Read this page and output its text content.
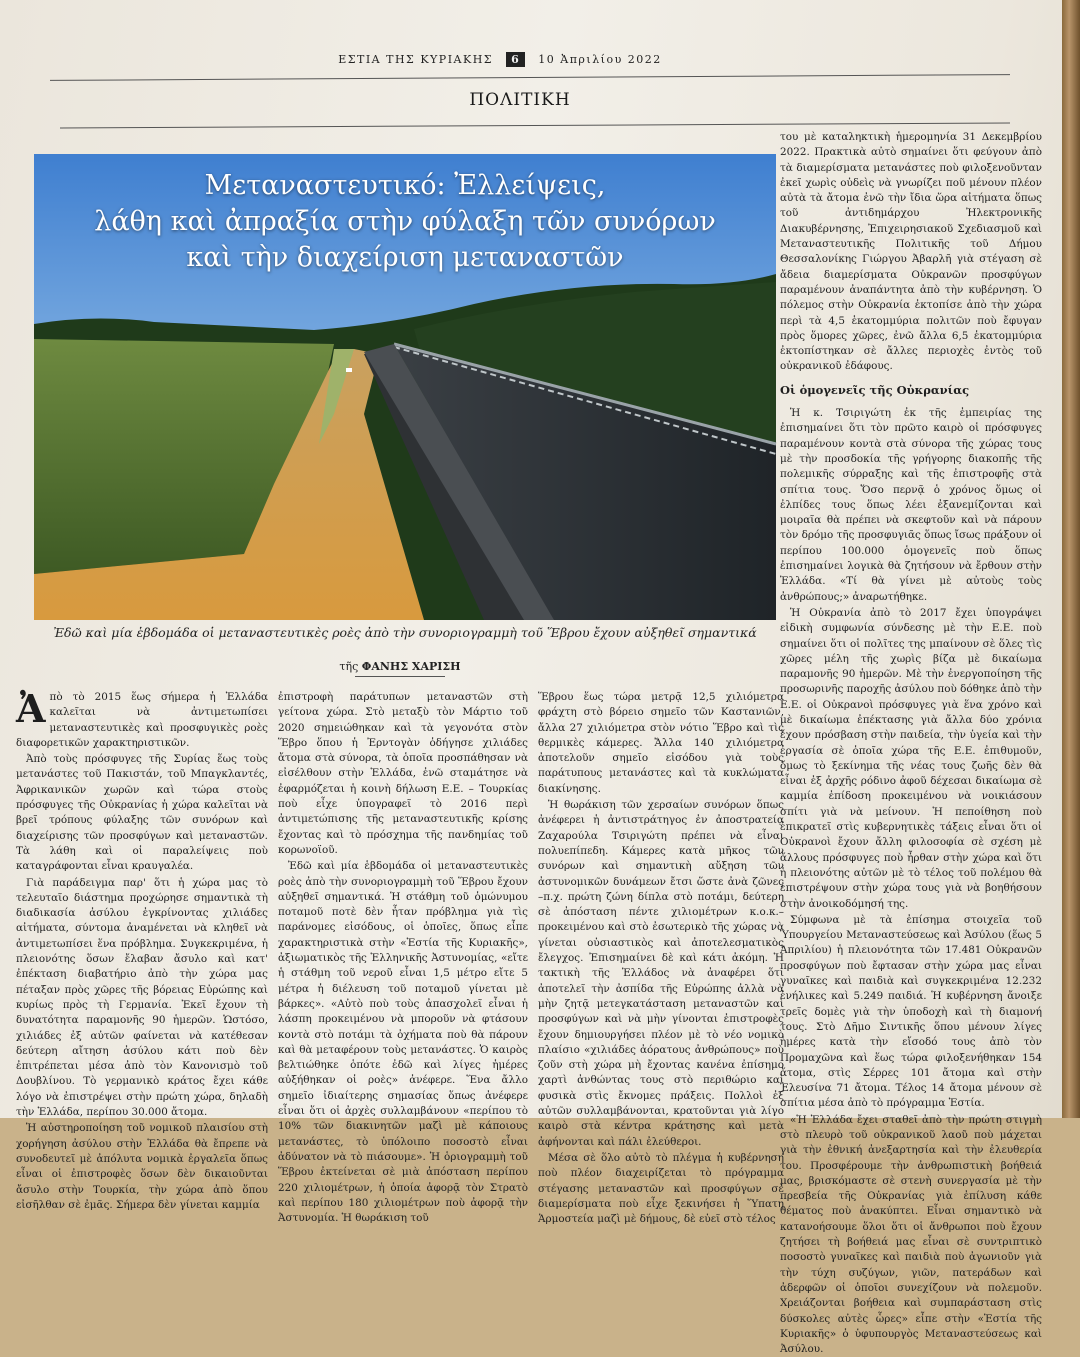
ΕΣΤΙΑ ΤΗΣ ΚΥΡΙΑΚΗΣ 6 10 Ἀπριλίου 2022
ΠΟΛΙΤΙΚΗ
Μεταναστευτικό: Ἐλλείψεις,
λάθη καὶ ἀπραξία στὴν φύλαξη τῶν συνόρων
καὶ τὴν διαχείριση μεταναστῶν
Ἐδῶ καὶ μία ἑβδομάδα οἱ μεταναστευτικὲς ροὲς ἀπὸ τὴν συνοριογραμμὴ τοῦ Ἕβρου ἔχουν αὐξηθεῖ σημαντικά
τῆς ΦΑΝΗΣ ΧΑΡΙΣΗ

Ἀπὸ τὸ 2015 ἕως σήμερα ἡ Ἑλλάδα καλεῖται νὰ ἀντιμετωπίσει μεταναστευτικὲς καὶ προσφυγικὲς ροὲς διαφορετικῶν χαρακτηριστικῶν.

Ἀπὸ τοὺς πρόσφυγες τῆς Συρίας ἕως τοὺς μετανάστες τοῦ Πακιστάν, τοῦ Μπαγκλαντές, Ἀφρικανικῶν χωρῶν καὶ τώρα στοὺς πρόσφυγες τῆς Οὐκρανίας ἡ χώρα καλεῖται νὰ βρεῖ τρόπους φύλαξης τῶν συνόρων καὶ διαχείρισης τῶν προσφύγων καὶ μεταναστῶν. Τὰ λάθη καὶ οἱ παραλείψεις ποὺ καταγράφονται εἶναι κραυγαλέα.

Γιὰ παράδειγμα παρ' ὅτι ἡ χώρα μας τὸ τελευταῖο διάστημα προχώρησε σημαντικὰ τὴ διαδικασία ἀσύλου ἐγκρίνοντας χιλιάδες αἰτήματα, σύντομα ἀναμένεται νὰ κληθεῖ νὰ ἀντιμετωπίσει ἕνα πρόβλημα. Συγκεκριμένα, ἡ πλειονότης ὅσων ἔλαβαν ἄσυλο καὶ κατ' ἐπέκταση διαβατήριο ἀπὸ τὴν χώρα μας πέταξαν πρὸς χῶρες τῆς βόρειας Εὐρώπης καὶ κυρίως πρὸς τὴ Γερμανία. Ἐκεῖ ἔχουν τὴ δυνατότητα παραμονῆς 90 ἡμερῶν. Ὡστόσο, χιλιάδες ἐξ αὐτῶν φαίνεται νὰ κατέθεσαν δεύτερη αἴτηση ἀσύλου κάτι ποὺ δὲν ἐπιτρέπεται μέσα ἀπὸ τὸν Κανονισμὸ τοῦ Δουβλίνου. Τὸ γερμανικὸ κράτος ἔχει κάθε λόγο νὰ ἐπιστρέψει στὴν πρώτη χώρα, δηλαδὴ τὴν Ἑλλάδα, περίπου 30.000 ἄτομα.

Ἡ αὐστηροποίηση τοῦ νομικοῦ πλαισίου στὴ χορήγηση ἀσύλου στὴν Ἑλλάδα θὰ ἔπρεπε νὰ συνοδευτεῖ μὲ ἀπόλυτα νομικὰ ἐργαλεῖα ὅπως εἶναι οἱ ἐπιστροφὲς ὅσων δὲν δικαιοῦνται ἄσυλο στὴν Τουρκία, τὴν χώρα ἀπὸ ὅπου εἰσῆλθαν σὲ ἐμᾶς. Σήμερα δὲν γίνεται καμμία

ἐπιστροφὴ παράτυπων μεταναστῶν στὴ γείτονα χώρα. Στὸ μεταξὺ τὸν Μάρτιο τοῦ 2020 σημειώθηκαν καὶ τὰ γεγονότα στὸν Ἕβρο ὅπου ἡ Ἐρντογὰν ὁδήγησε χιλιάδες ἄτομα στὰ σύνορα, τὰ ὁποῖα προσπάθησαν νὰ εἰσέλθουν στὴν Ἑλλάδα, ἐνῶ σταμάτησε νὰ ἐφαρμόζεται ἡ κοινὴ δήλωση Ε.Ε. – Τουρκίας ποὺ εἶχε ὑπογραφεῖ τὸ 2016 περὶ ἀντιμετώπισης τῆς μεταναστευτικῆς κρίσης ἔχοντας καὶ τὸ πρόσχημα τῆς πανδημίας τοῦ κορωνοϊοῦ.

Ἐδῶ καὶ μία ἑβδομάδα οἱ μεταναστευτικὲς ροὲς ἀπὸ τὴν συνοριογραμμὴ τοῦ Ἕβρου ἔχουν αὐξηθεῖ σημαντικά. Ἡ στάθμη τοῦ ὁμώνυμου ποταμοῦ ποτὲ δὲν ἦταν πρόβλημα γιὰ τὶς παράνομες εἰσόδους, οἱ ὁποῖες, ὅπως εἶπε χαρακτηριστικὰ στὴν «Ἑστία τῆς Κυριακῆς», ἀξιωματικὸς τῆς Ἑλληνικῆς Ἀστυνομίας, «εἴτε ἡ στάθμη τοῦ νεροῦ εἶναι 1,5 μέτρο εἴτε 5 μέτρα ἡ διέλευση τοῦ ποταμοῦ γίνεται μὲ βάρκες». «Αὐτὸ ποὺ τοὺς ἀπασχολεῖ εἶναι ἡ λάσπη προκειμένου νὰ μποροῦν νὰ φτάσουν κοντὰ στὸ ποτάμι τὰ ὀχήματα ποὺ θὰ πάρουν καὶ θὰ μεταφέρουν τοὺς μετανάστες. Ὁ καιρὸς βελτιώθηκε ὁπότε ἐδῶ καὶ λίγες ἡμέρες αὐξήθηκαν οἱ ροὲς» ἀνέφερε. Ἕνα ἄλλο σημεῖο ἰδιαίτερης σημασίας ὅπως ἀνέφερε εἶναι ὅτι οἱ ἀρχὲς συλλαμβάνουν «περίπου τὸ 10% τῶν διακινητῶν μαζὶ μὲ κάποιους μετανάστες, τὸ ὑπόλοιπο ποσοστὸ εἶναι ἀδύνατον νὰ τὸ πιάσουμε». Ἡ ὁριογραμμὴ τοῦ Ἕβρου ἐκτείνεται σὲ μιὰ ἀπόσταση περίπου 220 χιλιομέτρων, ἡ ὁποία ἀφορᾷ τὸν Στρατὸ καὶ περίπου 180 χιλιομέτρων ποὺ ἀφορᾷ τὴν Ἀστυνομία. Ἡ θωράκιση τοῦ

Ἕβρου ἕως τώρα μετρᾷ 12,5 χιλιόμετρα φράχτη στὸ βόρειο σημεῖο τῶν Καστανιῶν, ἄλλα 27 χιλιόμετρα στὸν νότιο Ἕβρο καὶ τὶς θερμικὲς κάμερες. Ἄλλα 140 χιλιόμετρα ἀποτελοῦν σημεῖο εἰσόδου γιὰ τοὺς παράτυπους μετανάστες καὶ τὰ κυκλώματα διακίνησης.

Ἡ θωράκιση τῶν χερσαίων συνόρων ὅπως ἀνέφερει ἡ ἀντιστράτηγος ἐν ἀποστρατείᾳ Ζαχαρούλα Τσιριγώτη πρέπει νὰ εἶναι πολυεπίπεδη. Κάμερες κατὰ μῆκος τῶν συνόρων καὶ σημαντικὴ αὔξηση τῶν ἀστυνομικῶν δυνάμεων ἔτσι ὥστε ἀνὰ ζῶνες –π.χ. πρώτη ζώνη δίπλα στὸ ποτάμι, δεύτερη σὲ ἀπόσταση πέντε χιλιομέτρων κ.ο.κ.– προκειμένου καὶ στὸ ἐσωτερικὸ τῆς χώρας νὰ γίνεται οὐσιαστικὸς καὶ ἀποτελεσματικὸς ἔλεγχος. Ἐπισημαίνει δὲ καὶ κάτι ἀκόμη. Ἡ τακτικὴ τῆς Ἑλλάδος νὰ ἀναφέρει ὅτι ἀποτελεῖ τὴν ἀσπίδα τῆς Εὐρώπης ἀλλὰ νὰ μὴν ζητᾷ μετεγκατάσταση μεταναστῶν καὶ προσφύγων καὶ νὰ μὴν γίνονται ἐπιστροφὲς ἔχουν δημιουργήσει πλέον μὲ τὸ νέο νομικὸ πλαίσιο «χιλιάδες ἀόρατους ἀνθρώπους» ποὺ ζοῦν στὴ χώρα μὴ ἔχοντας κανένα ἐπίσημο χαρτὶ ἀνθώντας τους στὸ περιθώριο καὶ φυσικὰ στὶς ἔκνομες πράξεις. Πολλοὶ ἐξ αὐτῶν συλλαμβάνονται, κρατοῦνται γιὰ λίγο καιρὸ στὰ κέντρα κράτησης καὶ μετὰ ἀφήνονται καὶ πάλι ἐλεύθεροι.

Μέσα σὲ ὅλο αὐτὸ τὸ πλέγμα ἡ κυβέρνηση ποὺ πλέον διαχειρίζεται τὸ πρόγραμμα στέγασης μεταναστῶν καὶ προσφύγων σὲ διαμερίσματα ποὺ εἶχε ξεκινήσει ἡ Ὕπατη Ἁρμοστεία μαζὶ μὲ δήμους, δὲ εὐεῖ στὸ τέλος

του μὲ καταληκτικὴ ἡμερομηνία 31 Δεκεμβρίου 2022. Πρακτικὰ αὐτὸ σημαίνει ὅτι φεύγουν ἀπὸ τὰ διαμερίσματα μετανάστες ποὺ φιλοξενοῦνταν ἐκεῖ χωρὶς οὐδεὶς νὰ γνωρίζει ποῦ μένουν πλέον αὐτὰ τὰ ἄτομα ἐνῶ τὴν ἴδια ὥρα αἰτήματα ὅπως τοῦ ἀντιδημάρχου Ἠλεκτρονικῆς Διακυβέρνησης, Ἐπιχειρησιακοῦ Σχεδιασμοῦ καὶ Μεταναστευτικῆς Πολιτικῆς τοῦ Δήμου Θεσσαλονίκης Γιώργου Ἀβαρλῆ γιὰ στέγαση σὲ ἄδεια διαμερίσματα Οὐκρανῶν προσφύγων παραμένουν ἀναπάντητα ἀπὸ τὴν κυβέρνηση. Ὁ πόλεμος στὴν Οὐκρανία ἐκτοπίσε ἀπὸ τὴν χώρα περὶ τὰ 4,5 ἑκατομμύρια πολιτῶν ποὺ ἔφυγαν πρὸς ὅμορες χῶρες, ἐνῶ ἄλλα 6,5 ἑκατομμύρια ἐκτοπίστηκαν σὲ ἄλλες περιοχὲς ἐντὸς τοῦ οὐκρανικοῦ ἐδάφους.

Οἱ ὁμογενεῖς τῆς Οὐκρανίας

Ἡ κ. Τσιριγώτη ἐκ τῆς ἐμπειρίας της ἐπισημαίνει ὅτι τὸν πρῶτο καιρὸ οἱ πρόσφυγες παραμένουν κοντὰ στὰ σύνορα τῆς χώρας τους μὲ τὴν προσδοκία τῆς γρήγορης διακοπῆς τῆς πολεμικῆς σύρραξης καὶ τῆς ἐπιστροφῆς στὰ σπίτια τους. Ὅσο περνᾷ ὁ χρόνος ὅμως οἱ ἐλπίδες τους ὅπως λέει ἐξανεμίζονται καὶ μοιραῖα θὰ πρέπει νὰ σκεφτοῦν καὶ νὰ πάρουν τὸν δρόμο τῆς προσφυγιᾶς ὅπως ἴσως πράξουν οἱ περίπου 100.000 ὁμογενεῖς ποὺ ὅπως ἐπισημαίνει λογικὰ θὰ ζητήσουν νὰ ἔρθουν στὴν Ἑλλάδα. «Τί θὰ γίνει μὲ αὐτοὺς τοὺς ἀνθρώπους;» ἀναρωτήθηκε.

Ἡ Οὐκρανία ἀπὸ τὸ 2017 ἔχει ὑπογράψει εἰδικὴ συμφωνία σύνδεσης μὲ τὴν Ε.Ε. ποὺ σημαίνει ὅτι οἱ πολῖτες της μπαίνουν σὲ ὅλες τὶς χῶρες μέλη τῆς χωρὶς βίζα μὲ δικαίωμα παραμονῆς 90 ἡμερῶν. Μὲ τὴν ἐνεργοποίηση τῆς προσωρινῆς παροχῆς ἀσύλου ποὺ δόθηκε ἀπὸ τὴν Ε.Ε. οἱ Οὐκρανοὶ πρόσφυγες γιὰ ἕνα χρόνο καὶ μὲ δικαίωμα ἐπέκτασης γιὰ ἄλλα δύο χρόνια ἔχουν πρόσβαση στὴν παιδεία, τὴν ὑγεία καὶ τὴν ἐργασία σὲ ὁποῖα χώρα τῆς Ε.Ε. ἐπιθυμοῦν, ὅμως τὸ ξεκίνημα τῆς νέας τους ζωῆς δὲν θὰ εἶναι ἐξ ἀρχῆς ρόδινο ἀφοῦ δέχεσαι δικαίωμα σὲ καμμία ἐπίδοση προκειμένου νὰ νοικιάσουν σπίτι γιὰ νὰ μείνουν. Ἡ πεποίθηση ποὺ ἐπικρατεῖ στὶς κυβερνητικὲς τάξεις εἶναι ὅτι οἱ Οὐκρανοὶ ἔχουν ἄλλη φιλοσοφία σὲ σχέση μὲ ἄλλους πρόσφυγες ποὺ ἦρθαν στὴν χώρα καὶ ὅτι ἡ πλειονότης αὐτῶν μὲ τὸ τέλος τοῦ πολέμου θὰ ἐπιστρέψουν στὴν χώρα τους γιὰ νὰ βοηθήσουν στὴν ἀνοικοδόμησή της.

Σύμφωνα μὲ τὰ ἐπίσημα στοιχεῖα τοῦ Ὑπουργείου Μεταναστεύσεως καὶ Ἀσύλου (ἕως 5 Ἀπριλίου) ἡ πλειονότητα τῶν 17.481 Οὐκρανῶν προσφύγων ποὺ ἔφτασαν στὴν χώρα μας εἶναι γυναῖκες καὶ παιδιὰ καὶ συγκεκριμένα 12.232 ἐνήλικες καὶ 5.249 παιδιά. Ἡ κυβέρνηση ἄνοιξε τρεῖς δομὲς γιὰ τὴν ὑποδοχὴ καὶ τὴ διαμονή τους. Στὸ Δῆμο Σιντικῆς ὅπου μένουν λίγες ἡμέρες κατὰ τὴν εἴσοδό τους ἀπὸ τὸν Προμαχῶνα καὶ ἕως τώρα φιλοξενήθηκαν 154 ἄτομα, στὶς Σέρρες 101 ἄτομα καὶ στὴν Ἐλευσίνα 71 ἄτομα. Τέλος 14 ἄτομα μένουν σὲ σπίτια μέσα ἀπὸ τὸ πρόγραμμα Ἑστία.

«Ἡ Ἑλλάδα ἔχει σταθεῖ ἀπὸ τὴν πρώτη στιγμὴ στὸ πλευρὸ τοῦ οὐκρανικοῦ λαοῦ ποὺ μάχεται γιὰ τὴν ἐθνική ἀνεξαρτησία καὶ τὴν ἐλευθερία του. Προσφέρουμε τὴν ἀνθρωπιστικὴ βοήθειά μας, βρισκόμαστε σὲ στενὴ συνεργασία μὲ τὴν πρεσβεία τῆς Οὐκρανίας γιὰ ἐπίλυση κάθε θέματος ποὺ ἀνακύπτει. Εἶναι σημαντικὸ νὰ κατανοήσουμε ὅλοι ὅτι οἱ ἄνθρωποι ποὺ ἔχουν ζητήσει τὴ βοήθειά μας εἶναι σὲ συντριπτικὸ ποσοστὸ γυναῖκες καὶ παιδιὰ ποὺ ἀγωνιοῦν γιὰ τὴν τύχη συζύγων, γιῶν, πατεράδων καὶ ἀδερφῶν οἱ ὁποῖοι συνεχίζουν νὰ πολεμοῦν. Χρειάζονται βοήθεια καὶ συμπαράσταση στὶς δύσκολες αὐτὲς ὧρες» εἶπε στὴν «Ἑστία τῆς Κυριακῆς» ὁ ὑφυπουργὸς Μεταναστεύσεως καὶ Ἀσύλου.
